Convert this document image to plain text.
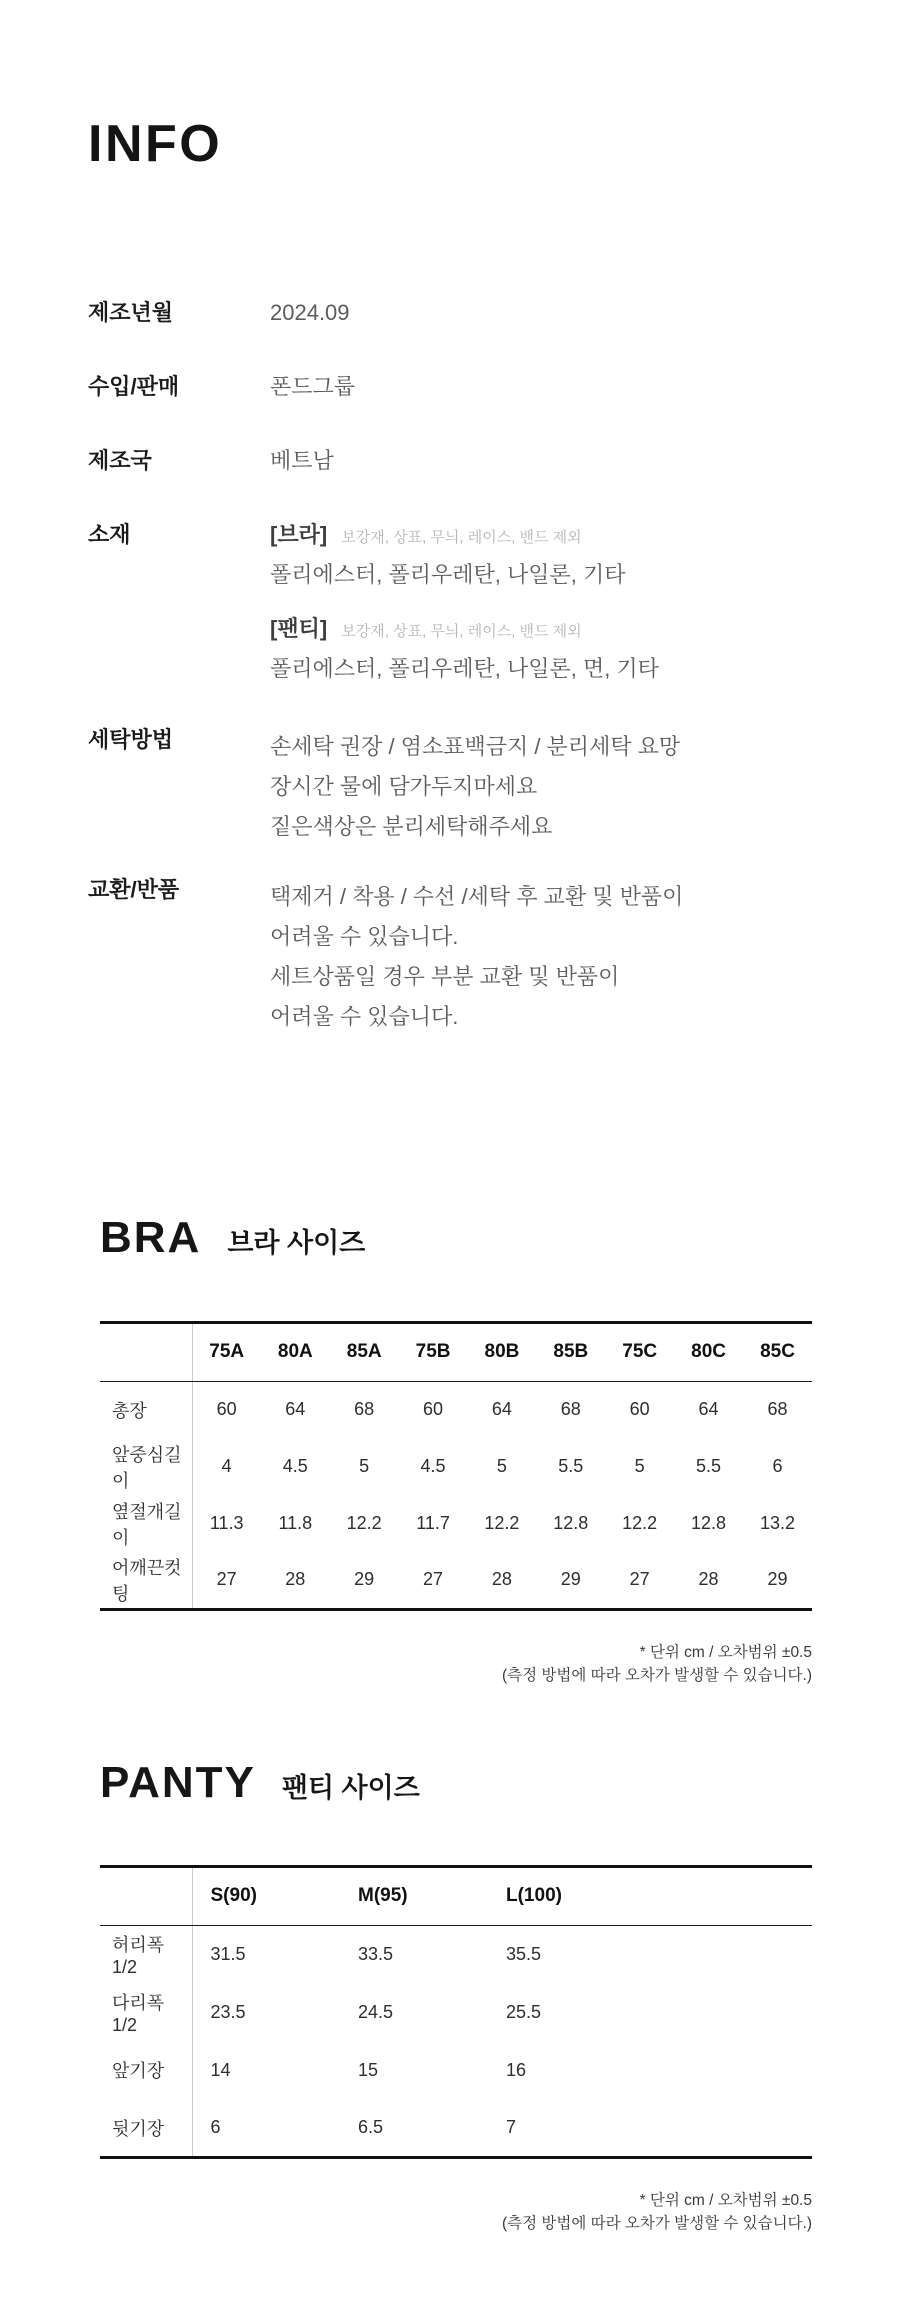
INFO
제조년월	2024.09
수입/판매	폰드그룹
제조국	베트남
소재	[브라] 보강재, 상표, 무늬, 레이스, 밴드 제외
폴리에스터, 폴리우레탄, 나일론, 기타
[팬티] 보강재, 상표, 무늬, 레이스, 밴드 제외
폴리에스터, 폴리우레탄, 나일론, 면, 기타
세탁방법	손세탁 권장 / 염소표백금지 / 분리세탁 요망
장시간 물에 담가두지마세요
짙은색상은 분리세탁해주세요
교환/반품	택제거 / 착용 / 수선 /세탁 후 교환 및 반품이
어려울 수 있습니다.
세트상품일 경우 부분 교환 및 반품이
어려울 수 있습니다.
BRA 브라 사이즈
	75A	80A	85A	75B	80B	85B	75C	80C	85C
총장	60	64	68	60	64	68	60	64	68
앞중심길이	4	4.5	5	4.5	5	5.5	5	5.5	6
옆절개길이	11.3	11.8	12.2	11.7	12.2	12.8	12.2	12.8	13.2
어깨끈컷팅	27	28	29	27	28	29	27	28	29
* 단위 cm / 오차범위 ±0.5
(측정 방법에 따라 오차가 발생할 수 있습니다.)
PANTY 팬티 사이즈
	S(90)	M(95)	L(100)	
허리폭 1/2	31.5	33.5	35.5	
다리폭 1/2	23.5	24.5	25.5	
앞기장	14	15	16	
뒷기장	6	6.5	7	
* 단위 cm / 오차범위 ±0.5
(측정 방법에 따라 오차가 발생할 수 있습니다.)
